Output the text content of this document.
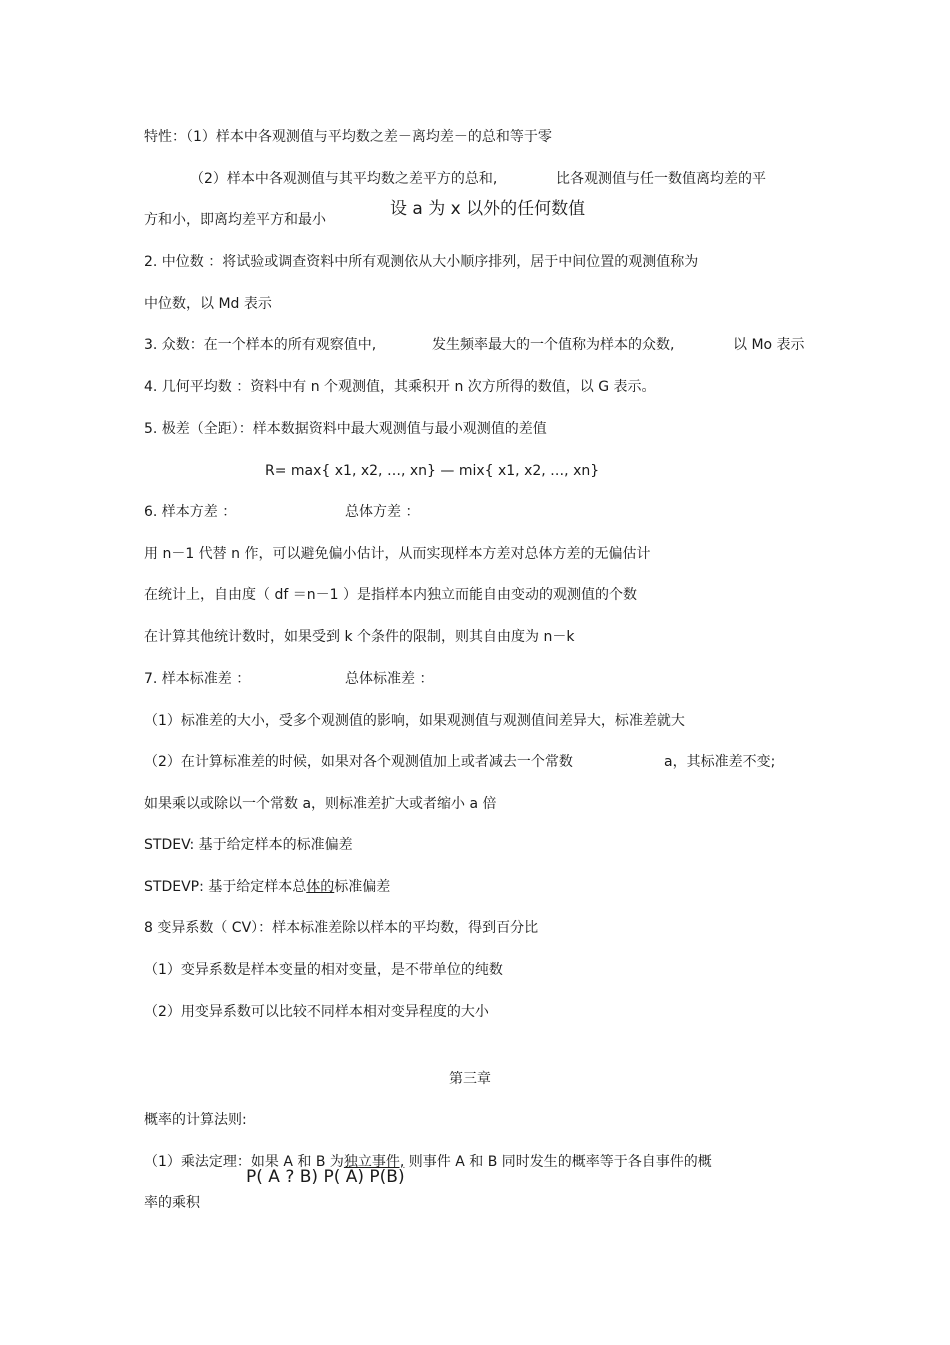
特性：（1）样本中各观测值与平均数之差－离均差－的总和等于零
（2）样本中各观测值与其平均数之差平方的总和,	比各观测值与任一数值离均差的平
方和小，即离均差平方和最小
设 a 为 x 以外的任何数值
2. 中位数 ：将试验或调查资料中所有观测依从大小顺序排列，居于中间位置的观测值称为
中位数，以 Md 表示
3. 众数：在一个样本的所有观察值中,	发生频率最大的一个值称为样本的众数,	以 Mo 表示
4. 几何平均数 ：资料中有 n 个观测值，其乘积开 n 次方所得的数值，以 G 表示。
5. 极差（全距）：样本数据资料中最大观测值与最小观测值的差值
R= max{ x1, x2, …, xn} — mix{ x1, x2, …, xn}
6. 样本方差 ：	总体方差 ：
用 n－1 代替 n 作，可以避免偏小估计，从而实现样本方差对总体方差的无偏估计
在统计上，自由度（ df ＝n－1 ）是指样本内独立而能自由变动的观测值的个数
在计算其他统计数时，如果受到 k 个条件的限制，则其自由度为 n－k
7. 样本标准差 ：	总体标准差 ：
（1）标准差的大小，受多个观测值的影响，如果观测值与观测值间差异大，标准差就大
（2）在计算标准差的时候，如果对各个观测值加上或者减去一个常数	a，其标准差不变;
如果乘以或除以一个常数 a，则标准差扩大或者缩小 a 倍
STDEV: 基于给定样本的标准偏差
STDEVP: 基于给定样本总体的标准偏差
8 变异系数（ CV）：样本标准差除以样本的平均数，得到百分比
（1）变异系数是样本变量的相对变量，是不带单位的纯数
（2）用变异系数可以比较不同样本相对变异程度的大小
第三章
概率的计算法则:
（1）乘法定理：如果 A 和 B 为独立事件, 则事件 A 和 B 同时发生的概率等于各自事件的概
P( A ? B) P( A) P(B)
率的乘积
